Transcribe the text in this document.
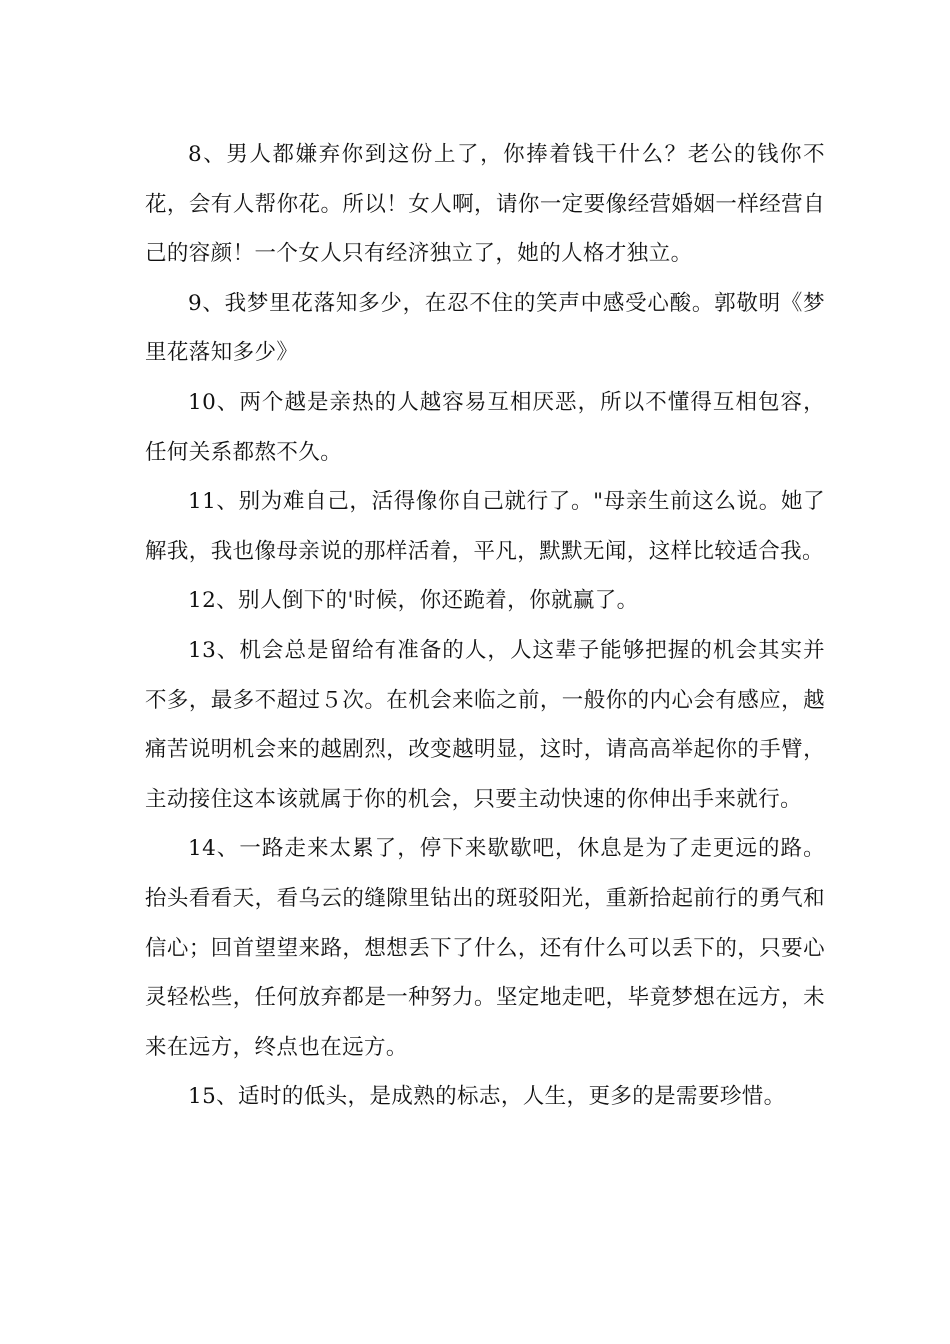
8、男人都嫌弃你到这份上了，你捧着钱干什么？老公的钱你不花，会有人帮你花。所以！女人啊，请你一定要像经营婚姻一样经营自己的容颜！一个女人只有经济独立了，她的人格才独立。

9、我梦里花落知多少，在忍不住的笑声中感受心酸。郭敬明《梦里花落知多少》

10、两个越是亲热的人越容易互相厌恶，所以不懂得互相包容，任何关系都熬不久。

11、别为难自己，活得像你自己就行了。"母亲生前这么说。她了解我，我也像母亲说的那样活着，平凡，默默无闻，这样比较适合我。

12、别人倒下的'时候，你还跪着，你就赢了。

13、机会总是留给有准备的人，人这辈子能够把握的机会其实并不多，最多不超过５次。在机会来临之前，一般你的内心会有感应，越痛苦说明机会来的越剧烈，改变越明显，这时，请高高举起你的手臂，主动接住这本该就属于你的机会，只要主动快速的你伸出手来就行。

14、一路走来太累了，停下来歇歇吧，休息是为了走更远的路。抬头看看天，看乌云的缝隙里钻出的斑驳阳光，重新拾起前行的勇气和信心；回首望望来路，想想丢下了什么，还有什么可以丢下的，只要心灵轻松些，任何放弃都是一种努力。坚定地走吧，毕竟梦想在远方，未来在远方，终点也在远方。

15、适时的低头，是成熟的标志，人生，更多的是需要珍惜。
